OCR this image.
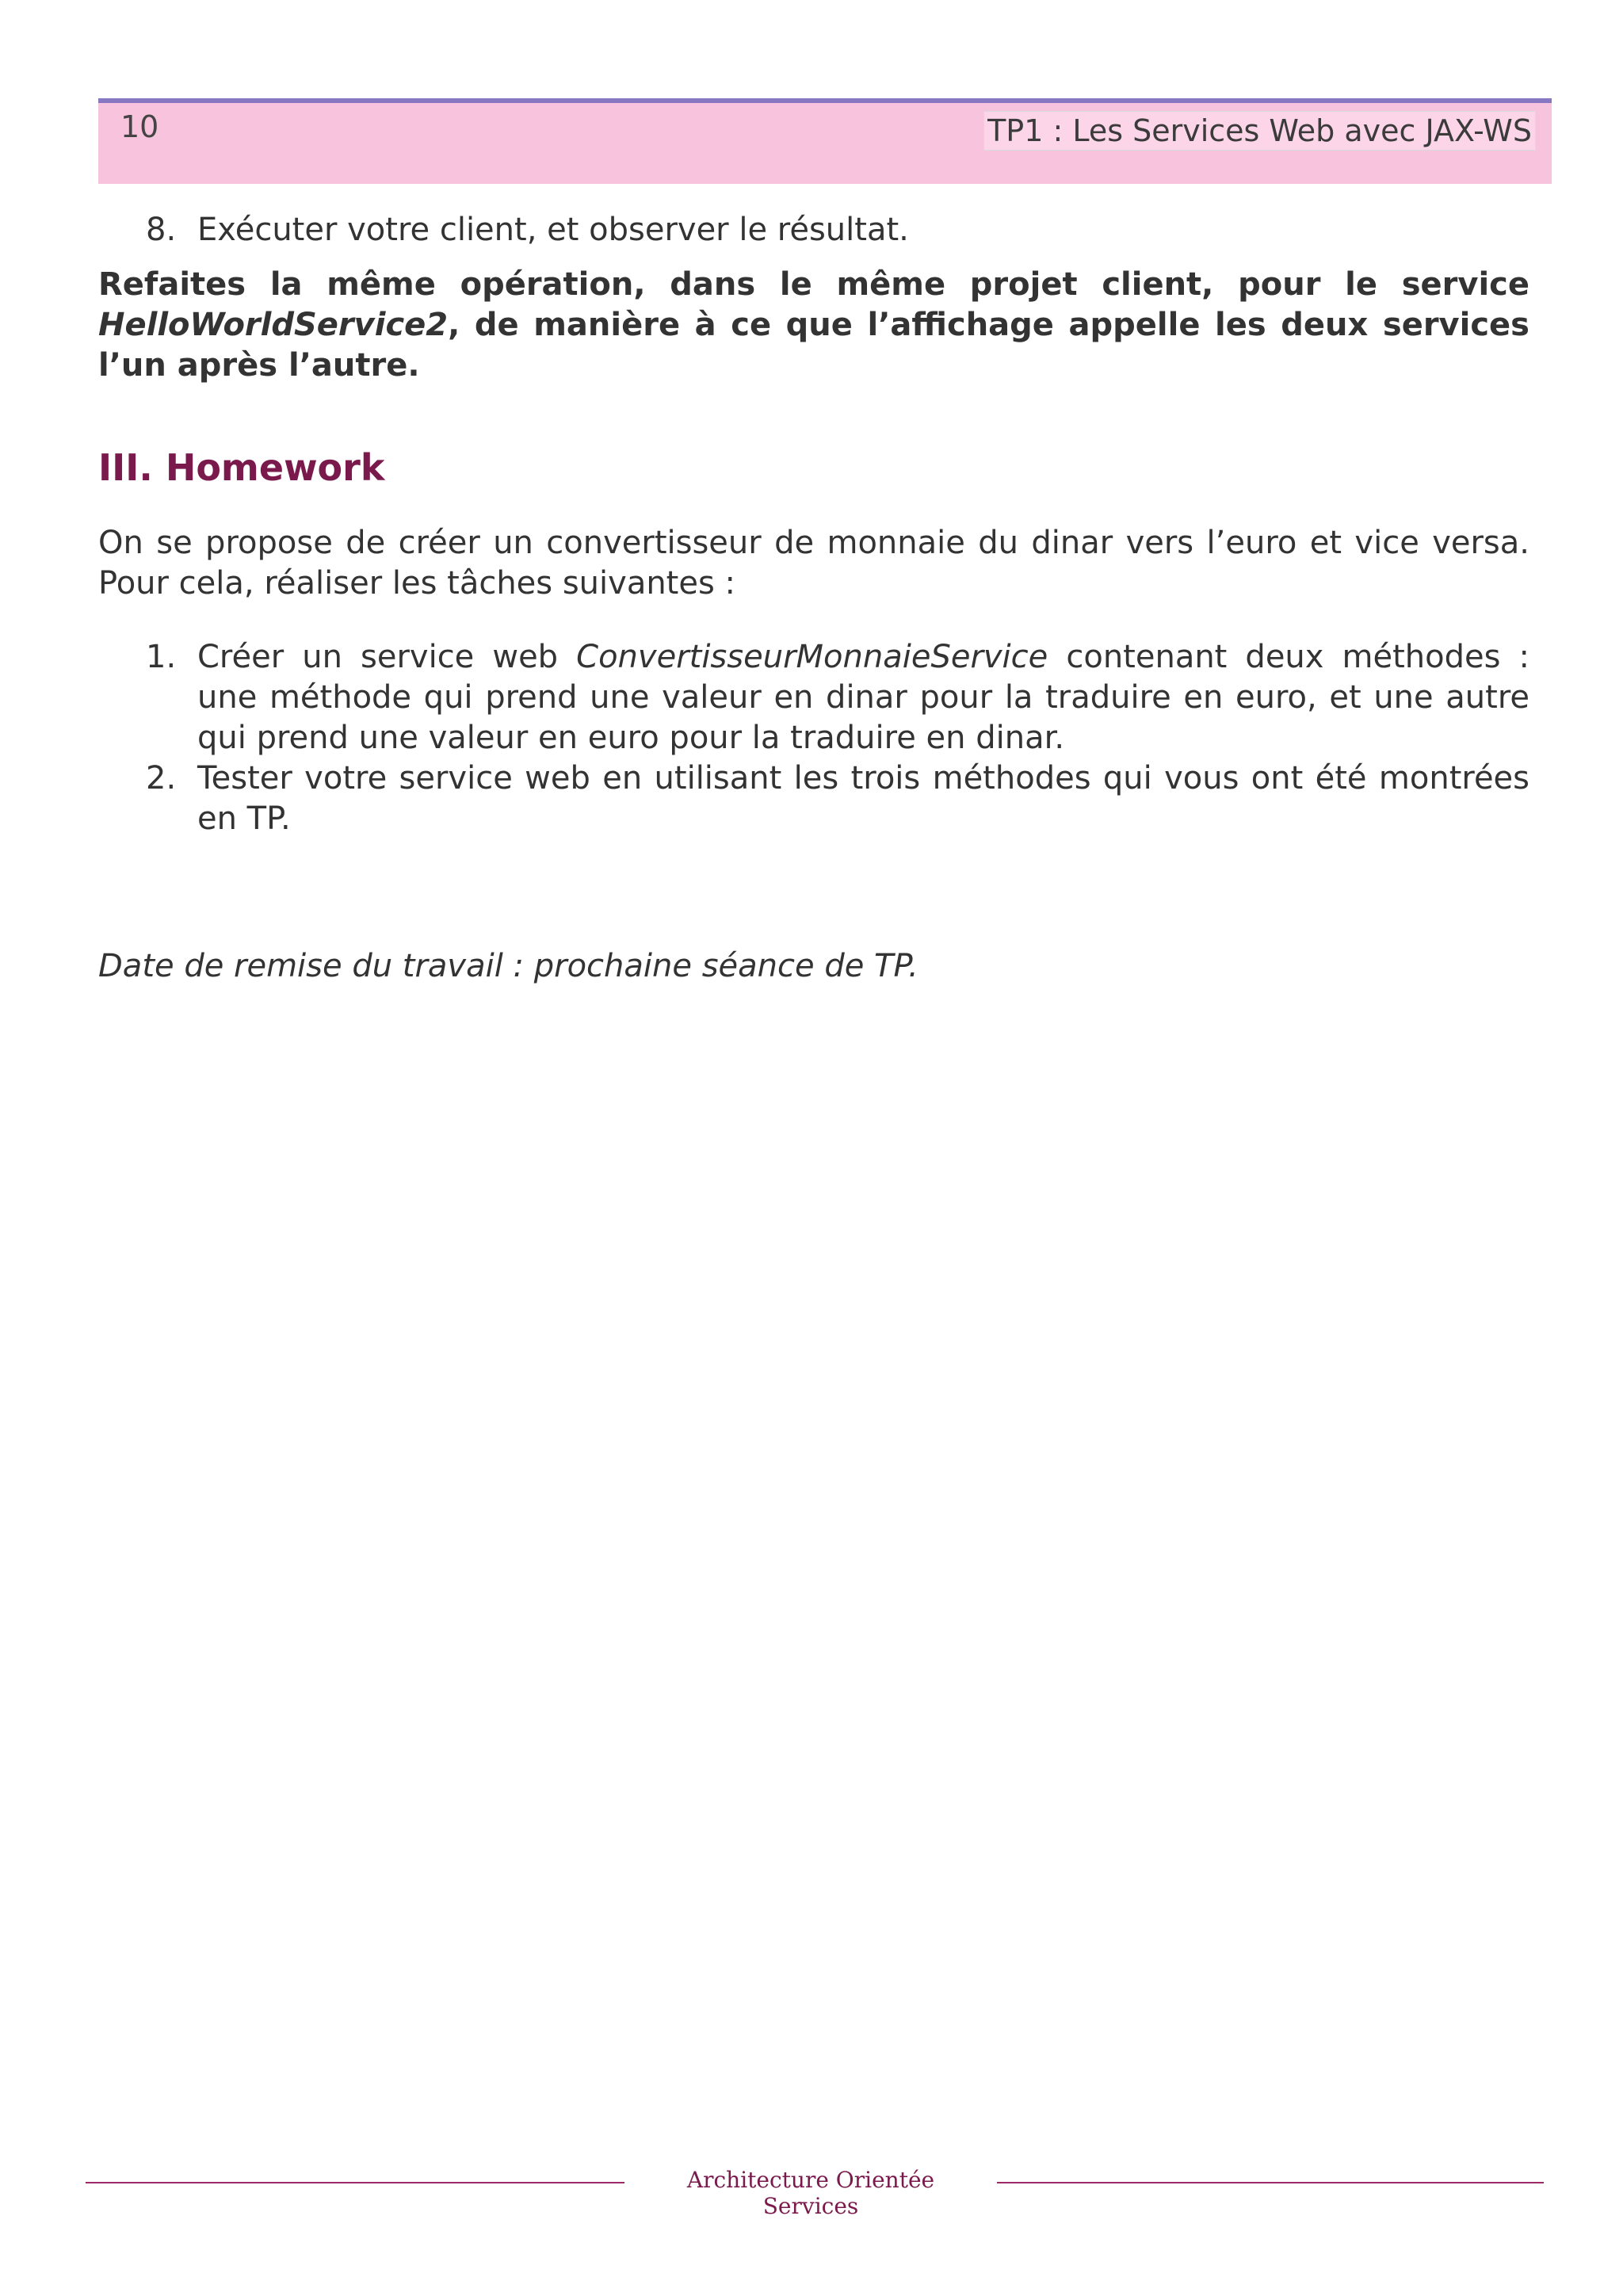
10	TP1 : Les Services Web avec JAX-WS
8. Exécuter votre client, et observer le résultat.
Refaites la même opération, dans le même projet client, pour le service HelloWorldService2, de manière à ce que l’affichage appelle les deux services l’un après l’autre.
III. Homework
On se propose de créer un convertisseur de monnaie du dinar vers l’euro et vice versa. Pour cela, réaliser les tâches suivantes :
1. Créer un service web ConvertisseurMonnaieService contenant deux méthodes : une méthode qui prend une valeur en dinar pour la traduire en euro, et une autre qui prend une valeur en euro pour la traduire en dinar.
2. Tester votre service web en utilisant les trois méthodes qui vous ont été montrées en TP.
Date de remise du travail : prochaine séance de TP.
Architecture Orientée Services
